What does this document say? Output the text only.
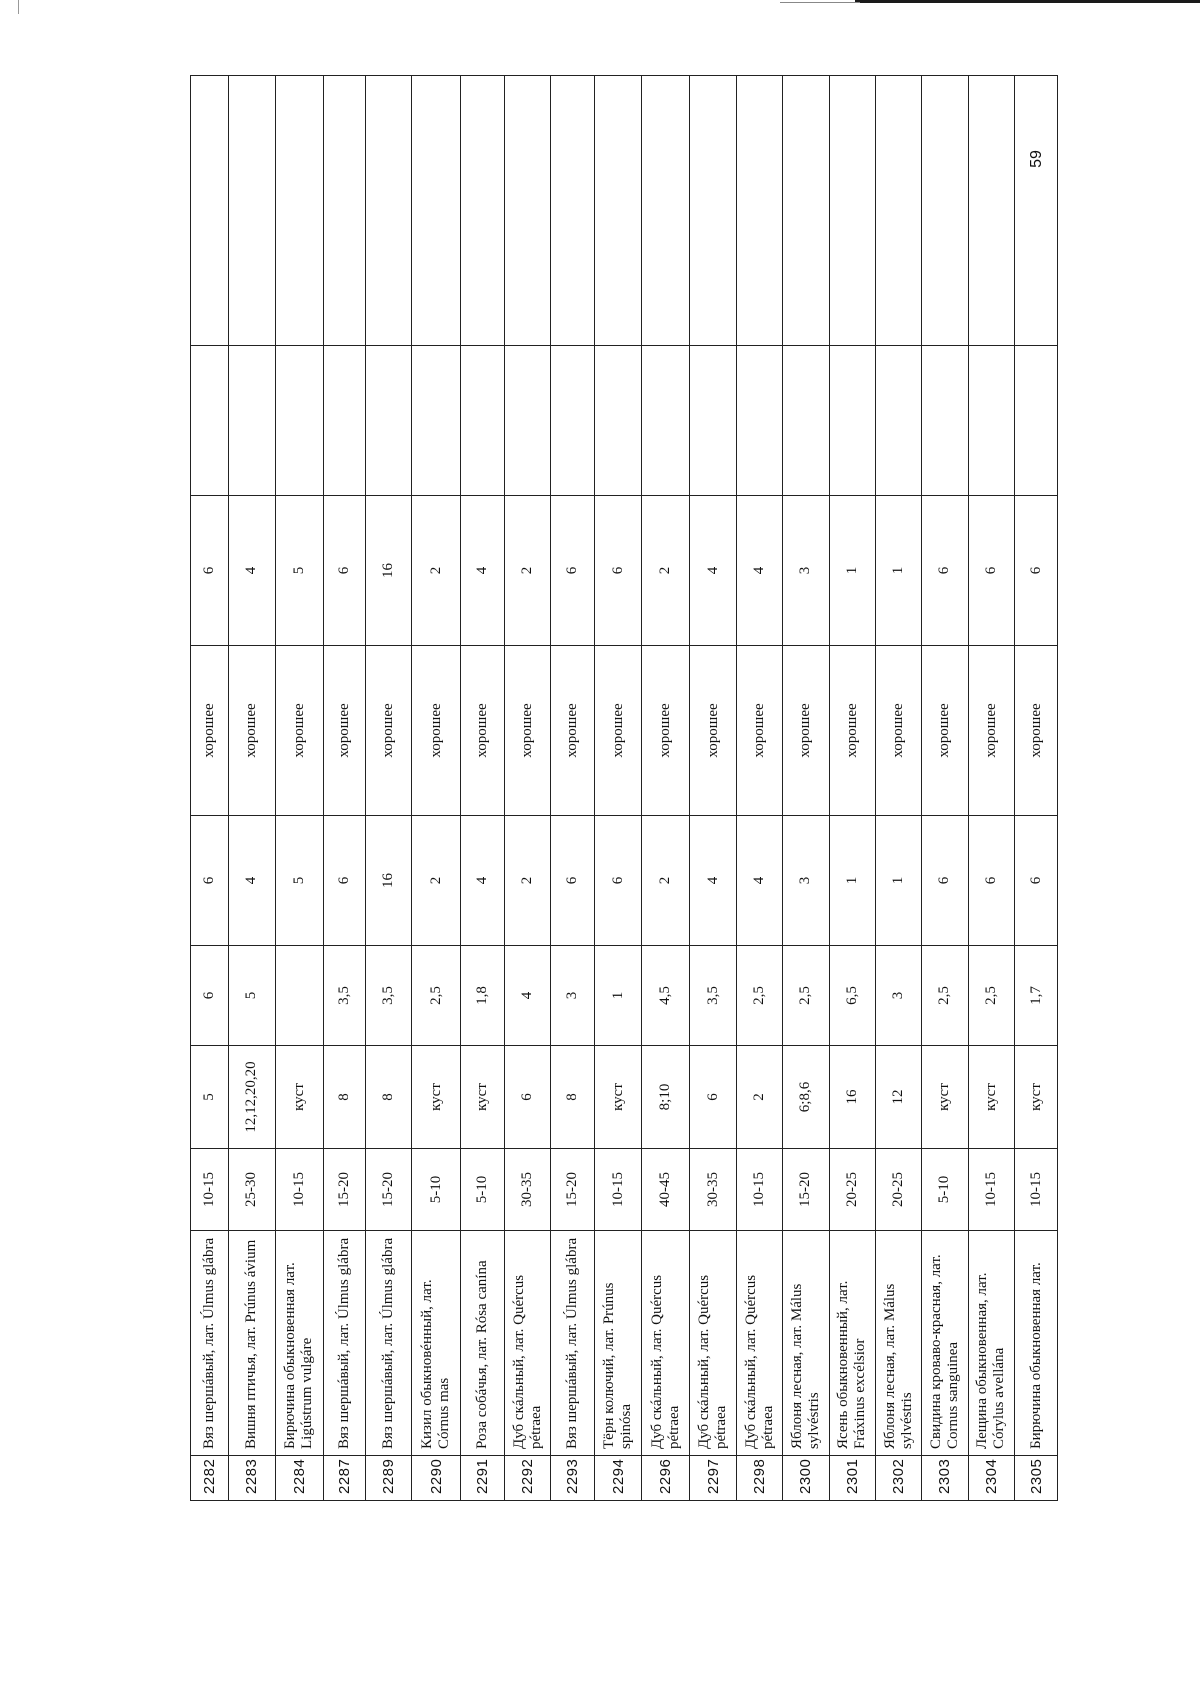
2282	Вяз шершáвый, лат. Úlmus glábra	10-15	5	6	6	хорошее	6		
2283	Вишня птичья, лат. Prúnus ávium	25-30	12,12,20,20	5	4	хорошее	4		
2284	Бирючина обыкновенная лат. Ligústrum vulgáre	10-15	куст		5	хорошее	5		
2287	Вяз шершáвый, лат. Úlmus glábra	15-20	8	3,5	6	хорошее	6		
2289	Вяз шершáвый, лат. Úlmus glábra	15-20	8	3,5	16	хорошее	16		
2290	Кизил обыкновéнный, лат. Córnus mas	5-10	куст	2,5	2	хорошее	2		
2291	Роза собáчья, лат. Rósa canína	5-10	куст	1,8	4	хорошее	4		
2292	Дуб скáльный, лат. Quércus pétraea	30-35	6	4	2	хорошее	2		
2293	Вяз шершáвый, лат. Úlmus glábra	15-20	8	3	6	хорошее	6		
2294	Тёрн колючий, лат. Prúnus spinósa	10-15	куст	1	6	хорошее	6		
2296	Дуб скáльный, лат. Quércus pétraea	40-45	8;10	4,5	2	хорошее	2		
2297	Дуб скáльный, лат. Quércus pétraea	30-35	6	3,5	4	хорошее	4		
2298	Дуб скáльный, лат. Quércus pétraea	10-15	2	2,5	4	хорошее	4		
2300	Яблоня лесная, лат. Málus sylvéstris	15-20	6;8,6	2,5	3	хорошее	3		
2301	Ясень обыкновенный, лат. Fráxinus excélsior	20-25	16	6,5	1	хорошее	1		
2302	Яблоня лесная, лат. Málus sylvéstris	20-25	12	3	1	хорошее	1		
2303	Свидина кроваво-красная, лат. Cornus sanguinea	5-10	куст	2,5	6	хорошее	6		
2304	Лещина обыкновенная, лат. Córylus avellána	10-15	куст	2,5	6	хорошее	6		
2305	Бирючина обыкновенная лат.	10-15	куст	1,7	6	хорошее	6		
59
